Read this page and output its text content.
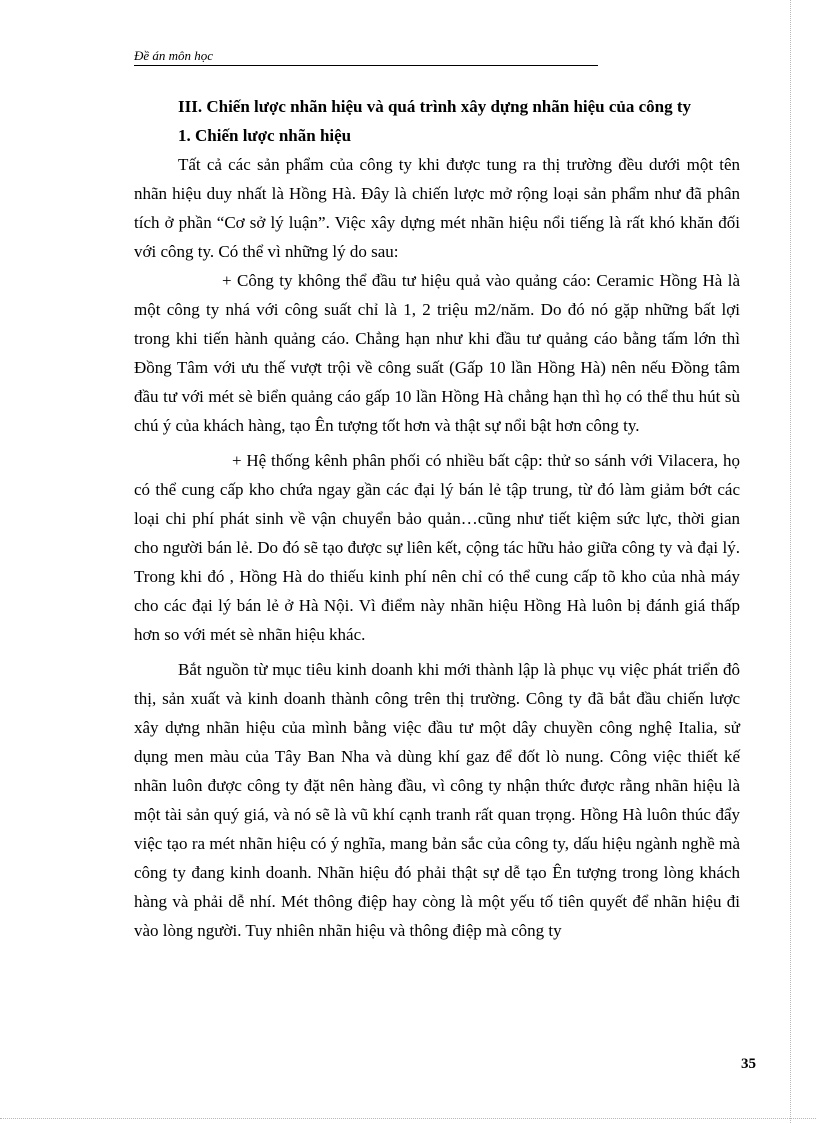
Đề án môn học

III. Chiến lược nhãn hiệu và quá trình xây dựng nhãn hiệu của công ty

1. Chiến lược nhãn hiệu

Tất cả các sản phẩm của công ty khi được tung ra thị trường đều dưới một tên nhãn hiệu duy nhất là Hồng Hà. Đây là chiến lược mở rộng loại sản phẩm như đã phân tích ở phần “Cơ sở lý luận”. Việc xây dựng mét nhãn hiệu nổi tiếng là rất khó khăn đối với công ty. Có thể vì những lý do sau:

+ Công ty không thể đầu tư hiệu quả vào quảng cáo: Ceramic Hồng Hà là một công ty nhá với công suất chỉ là 1, 2 triệu m2/năm. Do đó nó gặp những bất lợi trong khi tiến hành quảng cáo. Chẳng hạn như khi đầu tư quảng cáo bằng tấm lớn thì Đồng Tâm với ưu thế vượt trội về công suất (Gấp 10 lần Hồng Hà) nên nếu Đồng tâm đầu tư với mét sè biển quảng cáo gấp 10 lần Hồng Hà chẳng hạn thì họ có thể thu hút sù chú ý của khách hàng, tạo Ên tượng tốt hơn và thật sự nổi bật hơn công ty.

+ Hệ thống kênh phân phối có nhiều bất cập: thử so sánh với Vilacera, họ có thể cung cấp kho chứa ngay gần các đại lý bán lẻ tập trung, từ đó làm giảm bớt các loại chi phí phát sinh về vận chuyển bảo quản…cũng như tiết kiệm sức lực, thời gian cho người bán lẻ. Do đó sẽ tạo được sự liên kết, cộng tác hữu hảo giữa công ty và đại lý. Trong khi đó , Hồng Hà do thiếu kinh phí nên chỉ có thể cung cấp tõ kho của nhà máy cho các đại lý bán lẻ ở Hà Nội. Vì điểm này nhãn hiệu Hồng Hà luôn bị đánh giá thấp hơn so với mét sè nhãn hiệu khác.

Bắt nguồn từ mục tiêu kinh doanh khi mới thành lập là phục vụ việc phát triển đô thị, sản xuất và kinh doanh thành công trên thị trường. Công ty đã bắt đầu chiến lược xây dựng nhãn hiệu của mình bằng việc đầu tư một dây chuyền công nghệ Italia, sử dụng men màu của Tây Ban Nha và dùng khí gaz để đốt lò nung. Công việc thiết kế nhãn luôn được công ty đặt nên hàng đầu, vì công ty nhận thức được rằng nhãn hiệu là một tài sản quý giá, và nó sẽ là vũ khí cạnh tranh rất quan trọng. Hồng Hà luôn thúc đẩy việc tạo ra mét nhãn hiệu có ý nghĩa, mang bản sắc của công ty, dấu hiệu ngành nghề mà công ty đang kinh doanh. Nhãn hiệu đó phải thật sự dễ tạo Ên tượng trong lòng khách hàng và phải dễ nhí. Mét thông điệp hay còng là một yếu tố tiên quyết để nhãn hiệu đi vào lòng người. Tuy nhiên nhãn hiệu và thông điệp mà công ty

35
